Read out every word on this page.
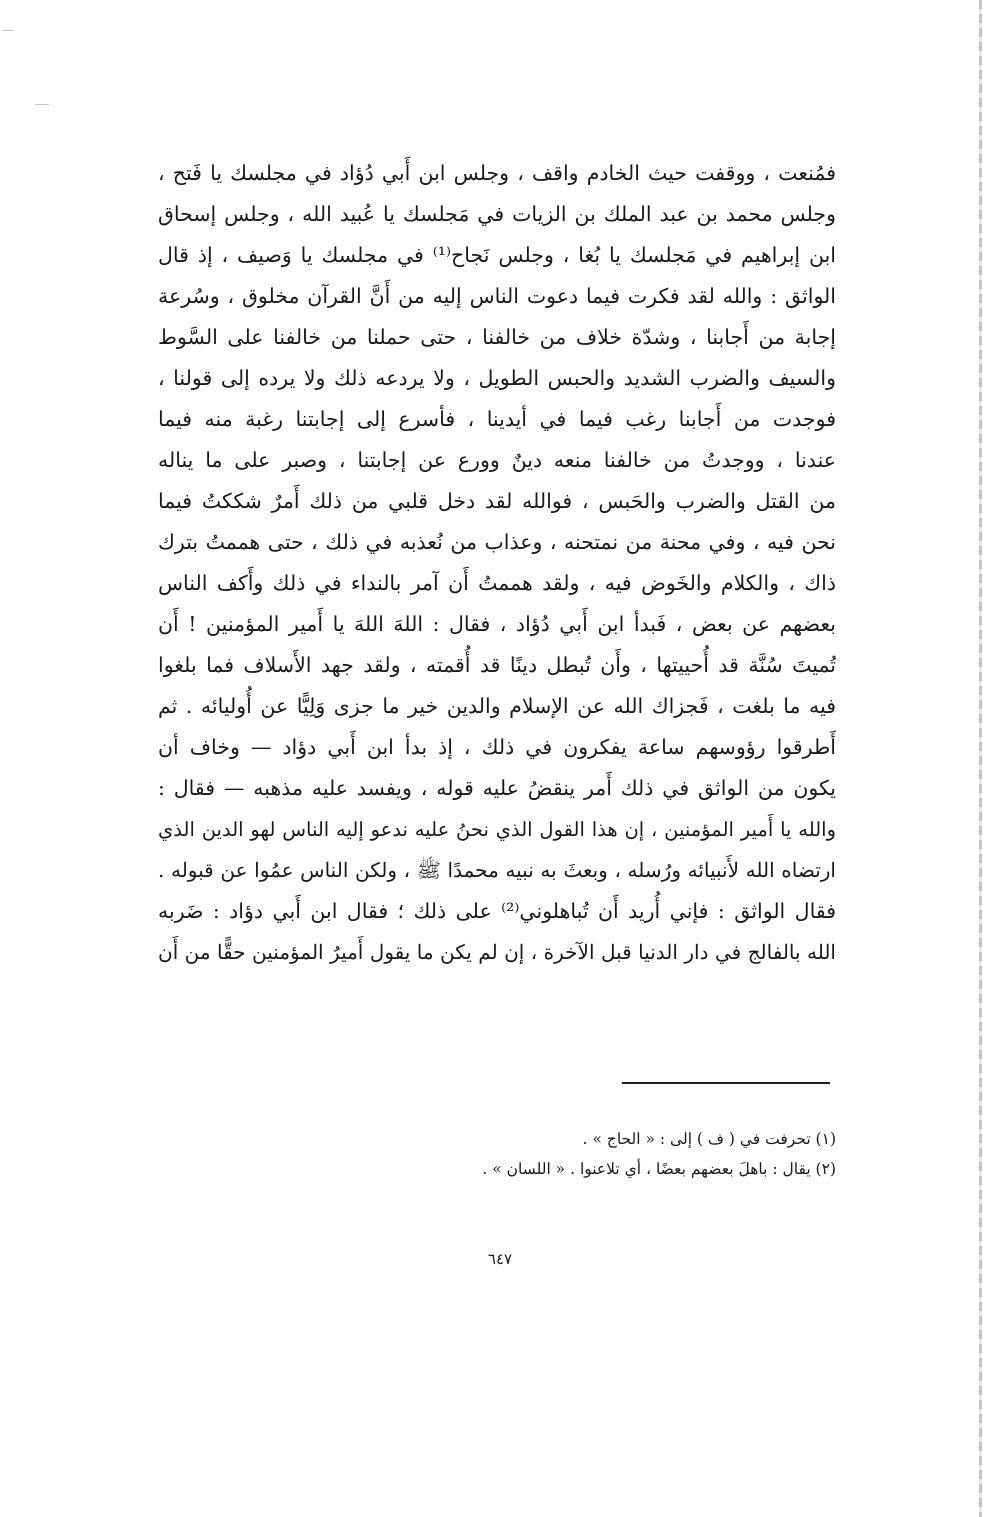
فمُنعت ، ووقفت حيث الخادم واقف ، وجلس ابن أَبي دُؤاد في مجلسك يا فَتح ،
وجلس محمد بن عبد الملك بن الزيات في مَجلسك يا عُبيد الله ، وجلس إسحاق
ابن إبراهيم في مَجلسك يا بُغا ، وجلس نَجاح⁽¹⁾ في مجلسك يا وَصيف ، إذ قال
الواثق : والله لقد فكرت فيما دعوت الناس إليه من أَنَّ القرآن مخلوق ، وسُرعة
إجابة من أَجابنا ، وشدّة خلاف من خالفنا ، حتى حملنا من خالفنا على السَّوط
والسيف والضرب الشديد والحبس الطويل ، ولا يردعه ذلك ولا يرده إلى قولنا ،
فوجدت من أَجابنا رغب فيما في أيدينا ، فأسرع إلى إجابتنا رغبة منه فيما
عندنا ، ووجدتُ من خالفنا منعه دينٌ وورع عن إجابتنا ، وصبر على ما يناله
من القتل والضرب والحَبس ، فوالله لقد دخل قلبي من ذلك أَمرٌ شككتُ فيما
نحن فيه ، وفي محنة من نمتحنه ، وعذاب من نُعذبه في ذلك ، حتى هممتُ بترك
ذاك ، والكلام والخَوض فيه ، ولقد هممتُ أَن آمر بالنداء في ذلك وأَكف الناس
بعضهم عن بعض ، فَبدأ ابن أَبي دُؤاد ، فقال : اللهَ اللهَ يا أَمير المؤمنين ! أَن
تُميتَ سُنَّة قد أُحييتها ، وأَن تُبطل دينًا قد أُقمته ، ولقد جهد الأَسلاف فما بلغوا
فيه ما بلغت ، فَجزاك الله عن الإسلام والدين خير ما جزى وَلِيًّا عن أُوليائه . ثم
أَطرقوا رؤوسهم ساعة يفكرون في ذلك ، إذ بدأ ابن أَبي دؤاد — وخاف أن
يكون من الواثق في ذلك أَمر ينقضُ عليه قوله ، ويفسد عليه مذهبه — فقال :
والله يا أَمير المؤمنين ، إن هذا القول الذي نحنُ عليه ندعو إليه الناس لهو الدين الذي
ارتضاه الله لأَنبيائه ورُسله ، وبعثَ به نبيه محمدًا ﷺ ، ولكن الناس عمُوا عن قبوله .
فقال الواثق : فإني أُريد أَن تُباهلوني⁽²⁾ على ذلك ؛ فقال ابن أَبي دؤاد : ضَربه
الله بالفالج في دار الدنيا قبل الآخرة ، إن لم يكن ما يقول أَميرُ المؤمنين حقًّا من أَن
(١) تحرفت في ( ف ) إلى : « الحاج » .
(٢) يقال : باهلَ بعضهم بعضًا ، أي تلاعنوا . « اللسان » .
٦٤٧
